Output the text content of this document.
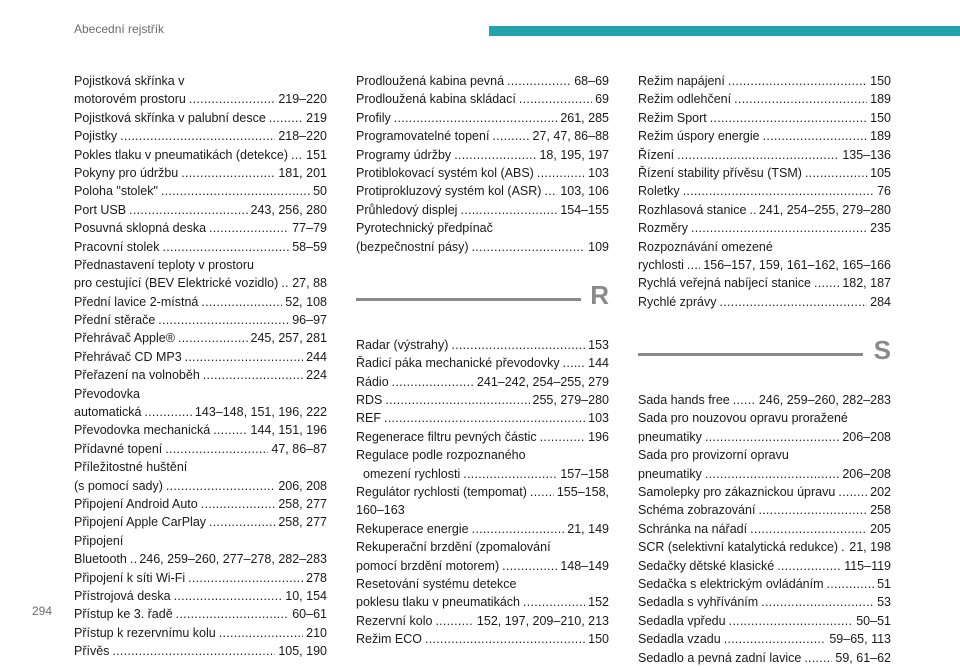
Abecední rejstřík
Pojistková skřínka v
motorovém prostoru . . .	219–220
Pojistková skřínka v palubní desce . . .	219
Pojistky . . .	218–220
Pokles tlaku v pneumatikách (detekce) . . . 151
Pokyny pro údržbu . . .	181, 201
Poloha "stolek" . . .	50
Port USB . . .	243, 256, 280
Posuvná sklopná deska . . .	77–79
Pracovní stolek . . .	58–59
Přednastavení teploty v prostoru
pro cestující (BEV Elektrické vozidlo) . . . 27, 88
Přední lavice 2-místná . . .	52, 108
Přední stěrače . . .	96–97
Přehrávač Apple® . . .	245, 257, 281
Přehrávač CD MP3 . . .	244
Přeřazení na volnoběh . . .	224
Převodovka
automatická . . .	143–148, 151, 196, 222
Převodovka mechanická . . .	144, 151, 196
Přídavné topení . . .	47, 86–87
Příležitostné huštění
(s pomocí sady) . . .	206, 208
Připojení Android Auto . . .	258, 277
Připojení Apple CarPlay . . .	258, 277
Připojení
Bluetooth . . . 246, 259–260, 277–278, 282–283
Připojení k síti Wi-Fi . . .	278
Přístrojová deska . . .	10, 154
Přístup ke 3. řadě . . .	60–61
Přístup k rezervnímu kolu . . .	210
Přívěs . . .	105, 190
Prodloužená kabina pevná . . .	68–69
Prodloužená kabina skládací . . .	69
Profily . . .	261, 285
Programovatelné topení . . .	27, 47, 86–88
Programy údržby . . .	18, 195, 197
Protiblokovací systém kol (ABS) . . .	103
Protiprokluzový systém kol (ASR) . . . 103, 106
Průhledový displej . . .	154–155
Pyrotechnický předpínač
(bezpečnostní pásy) . . .	109
R
Radar (výstrahy) . . .	153
Řadicí páka mechanické převodovky . . . 144
Rádio . . .	241–242, 254–255, 279
RDS . . .	255, 279–280
REF . . .	103
Regenerace filtru pevných částic . . .	196
Regulace podle rozpoznaného
omezení rychlosti . . .	157–158
Regulátor rychlosti (tempomat) . . . 155–158,
160–163
Rekuperace energie . . .	21, 149
Rekuperační brzdění (zpomalování
pomocí brzdění motorem) . . .	148–149
Resetování systému detekce
poklesu tlaku v pneumatikách . . .	152
Rezervní kolo . . .	152, 197, 209–210, 213
Režim ECO . . .	150
Režim napájení . . .	150
Režim odlehčení . . .	189
Režim Sport . . .	150
Režim úspory energie . . .	189
Řízení . . .	135–136
Řízení stability přívěsu (TSM) . . .	105
Roletky . . .	76
Rozhlasová stanice . . . 241, 254–255, 279–280
Rozměry . . .	235
Rozpoznávání omezené
rychlosti . . . 156–157, 159, 161–162, 165–166
Rychlá veřejná nabíjecí stanice . . .	182, 187
Rychlé zprávy . . .	284
S
Sada hands free . . . 246, 259–260, 282–283
Sada pro nouzovou opravu proražené
pneumatiky . . .	206–208
Sada pro provizorní opravu
pneumatiky . . .	206–208
Samolepky pro zákaznickou úpravu . . .	202
Schéma zobrazování . . .	258
Schránka na nářadí . . .	205
SCR (selektivní katalytická redukce) . . . 21, 198
Sedačky dětské klasické . . .	115–119
Sedačka s elektrickým ovládáním . . .	51
Sedadla s vyhříváním . . .	53
Sedadla vpředu . . .	50–51
Sedadla vzadu . . .	59–65, 113
Sedadlo a pevná zadní lavice . . .	59, 61–62
294
